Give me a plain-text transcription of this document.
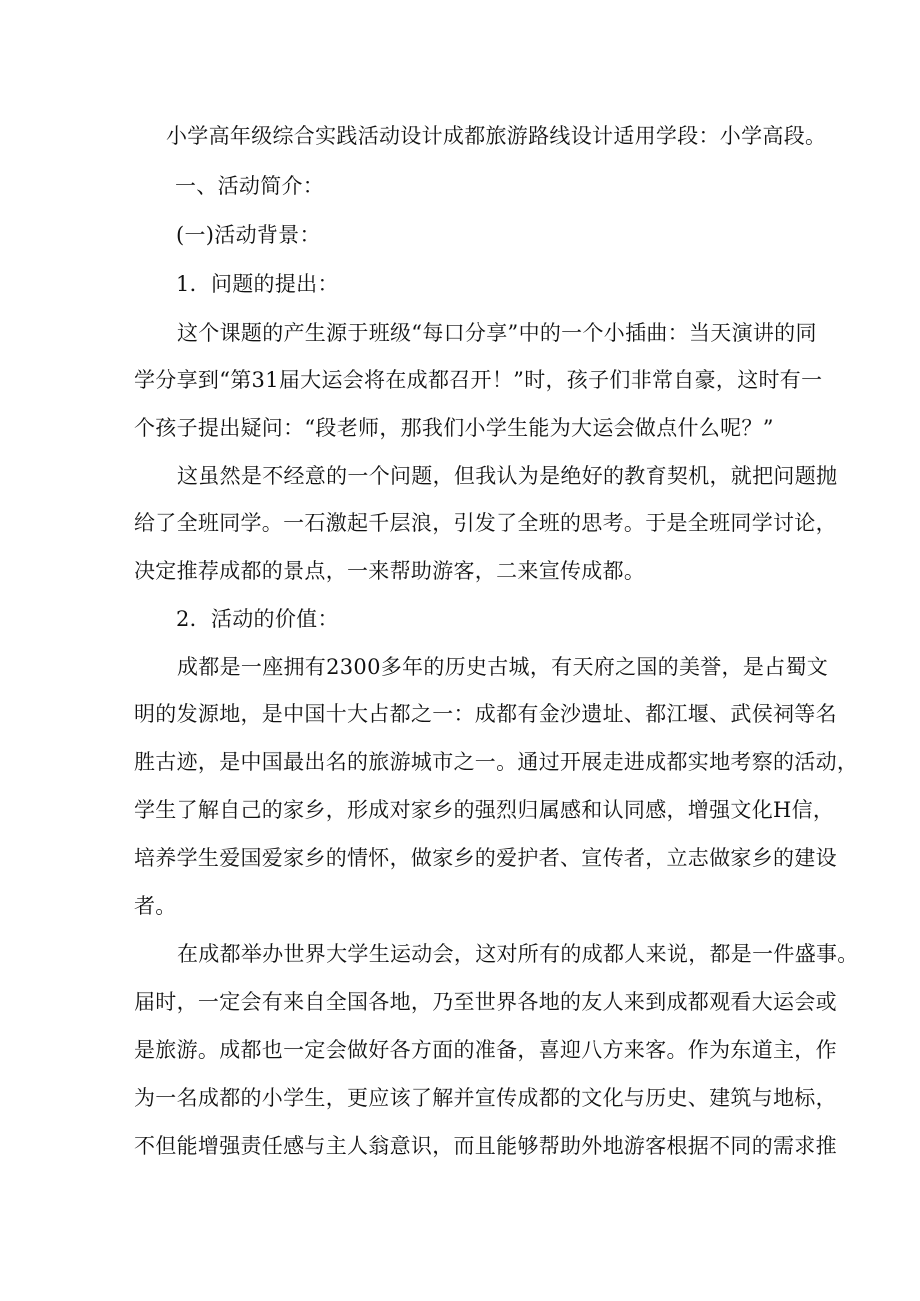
小学高年级综合实践活动设计成都旅游路线设计适用学段：小学高段。
一、活动简介：
(一)活动背景：
1．问题的提出：
这个课题的产生源于班级“每口分享”中的一个小插曲：当天演讲的同
学分享到“第31届大运会将在成都召开！”时，孩子们非常自豪，这时有一
个孩子提出疑问：“段老师，那我们小学生能为大运会做点什么呢？”
这虽然是不经意的一个问题，但我认为是绝好的教育契机，就把问题抛
给了全班同学。一石激起千层浪，引发了全班的思考。于是全班同学讨论，
决定推荐成都的景点，一来帮助游客，二来宣传成都。
2．活动的价值：
成都是一座拥有2300多年的历史古城，有天府之国的美誉，是占蜀文
明的发源地，是中国十大占都之一：成都有金沙遗址、都江堰、武侯祠等名
胜古迹，是中国最出名的旅游城市之一。通过开展走进成都实地考察的活动，
学生了解自己的家乡，形成对家乡的强烈归属感和认同感，增强文化H信，
培养学生爱国爱家乡的情怀，做家乡的爱护者、宣传者，立志做家乡的建设
者。
在成都举办世界大学生运动会，这对所有的成都人来说，都是一件盛事。
届时，一定会有来自全国各地，乃至世界各地的友人来到成都观看大运会或
是旅游。成都也一定会做好各方面的准备，喜迎八方来客。作为东道主，作
为一名成都的小学生，更应该了解并宣传成都的文化与历史、建筑与地标，
不但能增强责任感与主人翁意识，而且能够帮助外地游客根据不同的需求推
